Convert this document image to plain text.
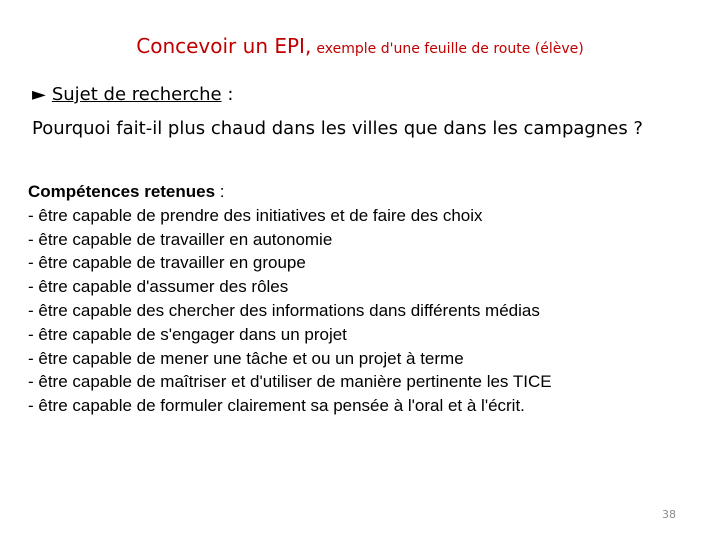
Concevoir un EPI, exemple d'une feuille de route (élève)
► Sujet de recherche :
Pourquoi fait-il plus chaud dans les villes que dans les campagnes ?
Compétences retenues :
- être capable de prendre des initiatives et de faire des choix
- être capable de travailler en autonomie
- être capable de travailler en groupe
- être capable d'assumer des rôles
- être capable des chercher des informations dans différents médias
- être capable de s'engager dans un projet
- être capable de mener une tâche et ou un projet à terme
- être capable de maîtriser et d'utiliser de manière pertinente les TICE
- être capable de formuler clairement sa pensée à l'oral et à l'écrit.
38
